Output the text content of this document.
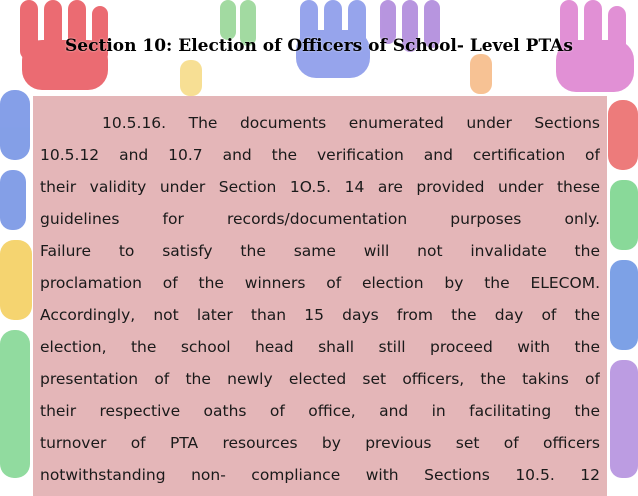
Section 10: Election of Officers of School- Level PTAs
10.5.16. The documents enumerated under Sections
10.5.12 and 10.7 and the verification and certification of
their validity under Section 1O.5. 14 are provided under these
guidelines for records/documentation purposes only.
Failure to satisfy the same will not invalidate the
proclamation of the winners of election by the ELECOM.
Accordingly, not later than 15 days from the day of the
election, the school head shall still proceed with the
presentation of the newly elected set officers, the takins of
their respective oaths of office, and in facilitating the
turnover of PTA resources by previous set of officers
notwithstanding non- compliance with Sections 10.5. 12
